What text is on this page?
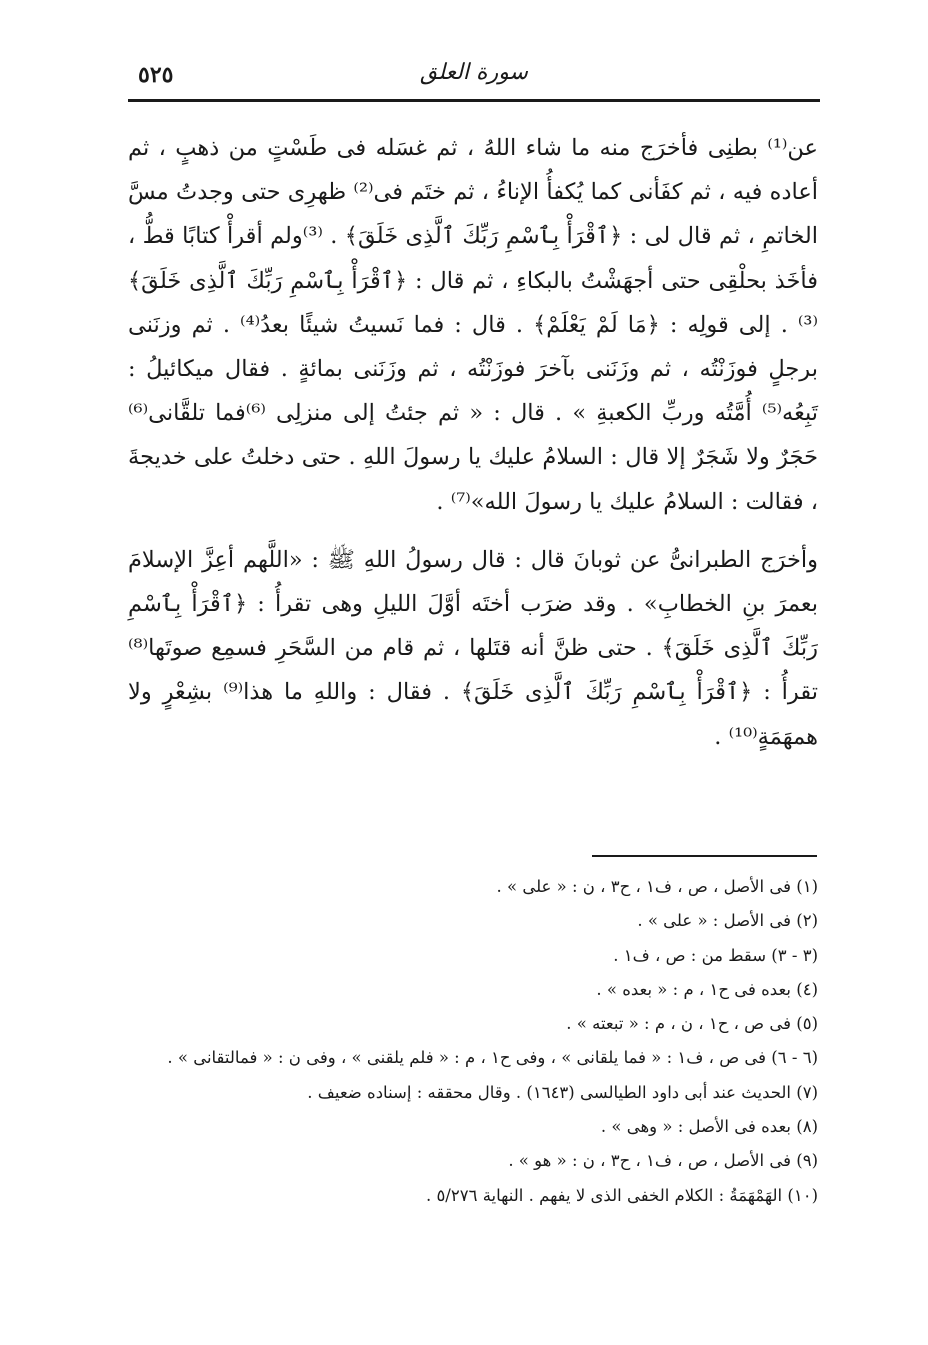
٥٢٥	سورة العلق

عن⁽¹⁾ بطنِى فأخرَج منه ما شاء اللهُ ، ثم غسَله فى طَسْتٍ من ذهبٍ ، ثم أعاده فيه ، ثم كفَأنى كما يُكفأُ الإناءُ ، ثم ختَم فى⁽²⁾ ظهرِى حتى وجدتُ مسَّ الخاتمِ ، ثم قال لى : ﴿ٱقْرَأْ بِٱسْمِ رَبِّكَ ٱلَّذِى خَلَقَ﴾ . ⁽³⁾ولم أقرأْ كتابًا قطُّ ، فأخَذ بحلْقِى حتى أجهَشْتُ بالبكاءِ ، ثم قال : ﴿ٱقْرَأْ بِٱسْمِ رَبِّكَ ٱلَّذِى خَلَقَ﴾⁽³⁾ . إلى قولِه : ﴿مَا لَمْ يَعْلَمْ﴾ . قال : فما نَسيتُ شيئًا بعدُ⁽⁴⁾ . ثم وزنَنى برجلٍ فوزَنْتُه ، ثم وزَنَنى بآخرَ فوزَنْتُه ، ثم وزَنَنى بمائةٍ . فقال ميكائيلُ : تَبِعُه⁽⁵⁾ أُمَّتُه وربِّ الكعبةِ » . قال : « ثم جئتُ إلى منزلِى ⁽⁶⁾فما تلقَّانى⁽⁶⁾ حَجَرٌ ولا شَجَرٌ إلا قال : السلامُ عليك يا رسولَ اللهِ . حتى دخلتُ على خديجةَ ، فقالت : السلامُ عليك يا رسولَ الله»⁽⁷⁾ .

وأخرَج الطبرانىُّ عن ثوبانَ قال : قال رسولُ اللهِ ﷺ : «اللَّهم أعِزَّ الإسلامَ بعمرَ بنِ الخطابِ» . وقد ضرَب أختَه أوَّلَ الليلِ وهى تقرأُ : ﴿ٱقْرَأْ بِٱسْمِ رَبِّكَ ٱلَّذِى خَلَقَ﴾ . حتى ظنَّ أنه قتَلها ، ثم قام من السَّحَرِ فسمِع صوتَها⁽⁸⁾ تقرأُ : ﴿ٱقْرَأْ بِٱسْمِ رَبِّكَ ٱلَّذِى خَلَقَ﴾ . فقال : واللهِ ما هذا⁽⁹⁾ بشِعْرٍ ولا همهَمَةٍ⁽¹⁰⁾ .

(١) فى الأصل ، ص ، ف١ ، ح٣ ، ن : « على » .
(٢) فى الأصل : « على » .
(٣ - ٣) سقط من : ص ، ف١ .
(٤) بعده فى ح١ ، م : « بعده » .
(٥) فى ص ، ح١ ، ن ، م : « تبعته » .
(٦ - ٦) فى ص ، ف١ : « فما يلقانى » ، وفى ح١ ، م : « فلم يلقنى » ، وفى ن : « فمالتقانى » .
(٧) الحديث عند أبى داود الطيالسى (١٦٤٣) . وقال محققه : إسناده ضعيف .
(٨) بعده فى الأصل : « وهى » .
(٩) فى الأصل ، ص ، ف١ ، ح٣ ، ن : « هو » .
(١٠) الهَمْهَمَةُ : الكلام الخفى الذى لا يفهم . النهاية ٥/٢٧٦ .
